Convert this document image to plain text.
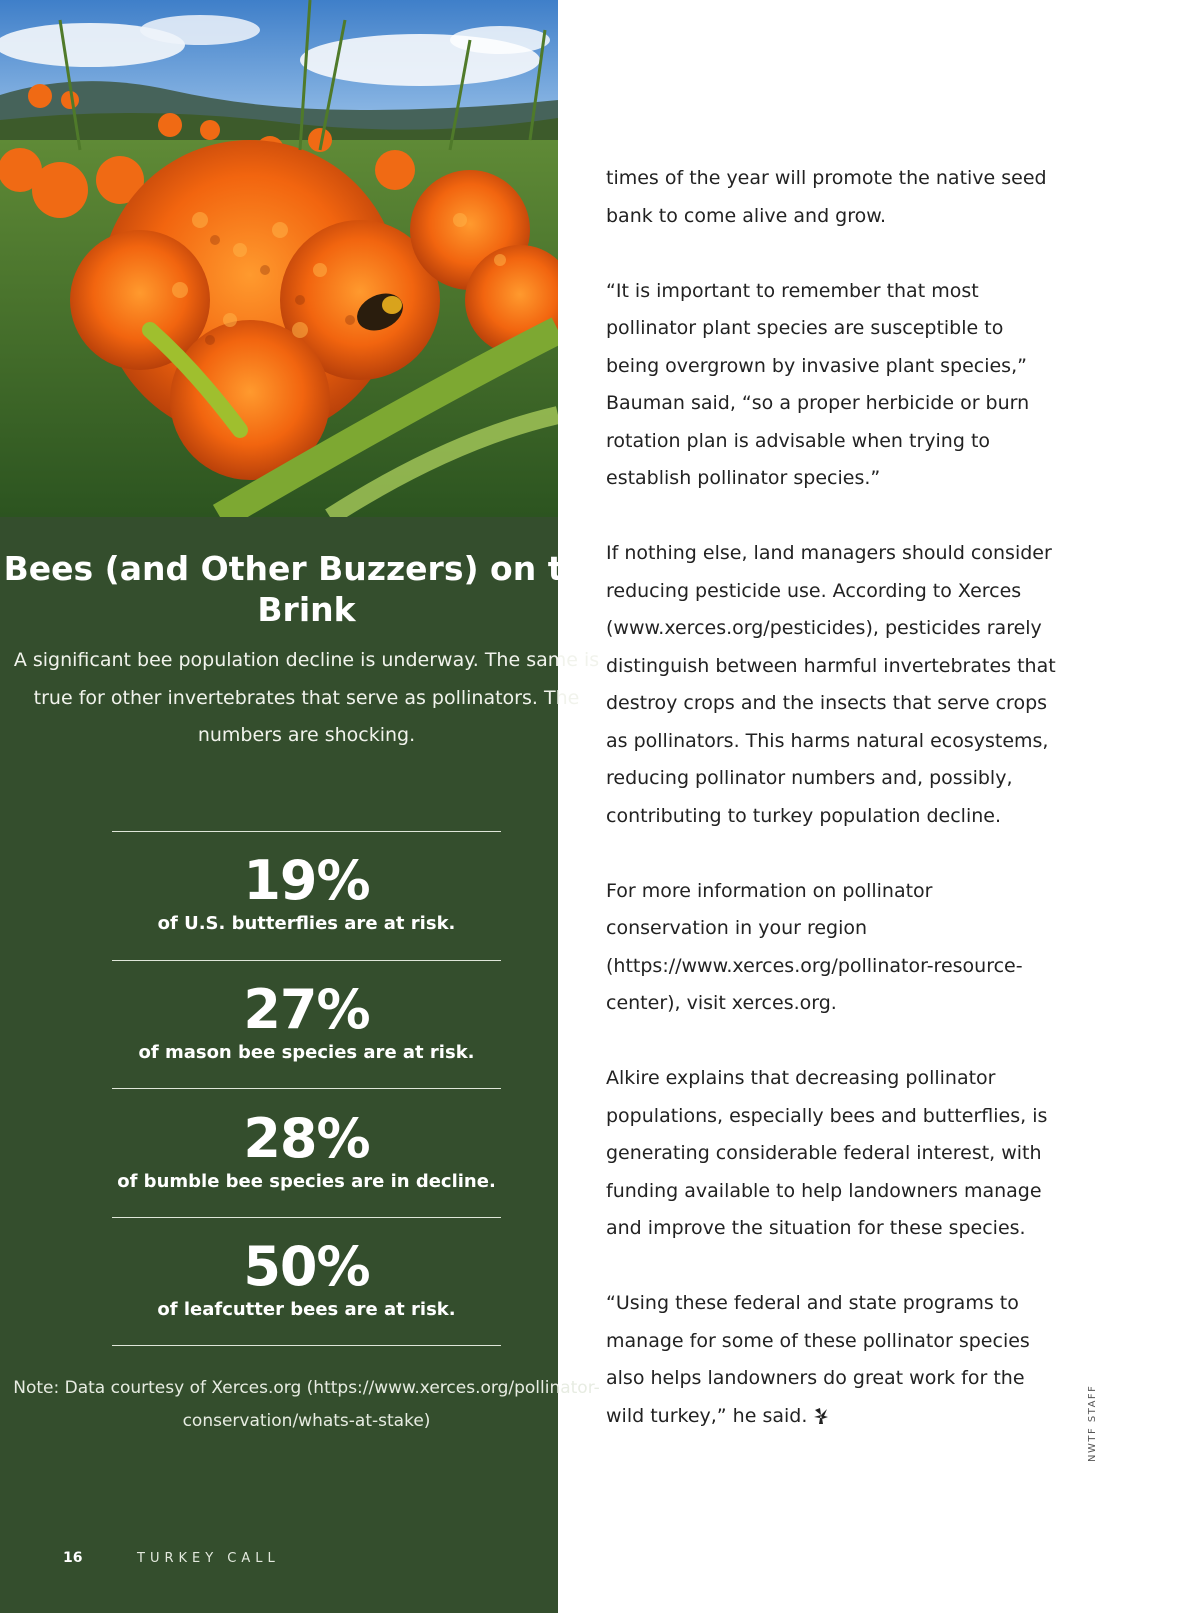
Bees (and Other Buzzers) on the Brink

A significant bee population decline is underway. The same is true for other invertebrates that serve as pollinators. The numbers are shocking.

19%
of U.S. butterflies are at risk.
27%
of mason bee species are at risk.
28%
of bumble bee species are in decline.
50%
of leafcutter bees are at risk.

Note: Data courtesy of Xerces.org (https://www.xerces.org/pollinator-conservation/whats-at-stake)

16	TURKEY CALL

times of the year will promote the native seed bank to come alive and grow.

“It is important to remember that most pollinator plant species are susceptible to being overgrown by invasive plant species,” Bauman said, “so a proper herbicide or burn rotation plan is advisable when trying to establish pollinator species.”

If nothing else, land managers should consider reducing pesticide use. According to Xerces (www.xerces.org/pesticides), pesticides rarely distinguish between harmful invertebrates that destroy crops and the insects that serve crops as pollinators. This harms natural ecosystems, reducing pollinator numbers and, possibly, contributing to turkey population decline.

For more information on pollinator conservation in your region (https://www.xerces.org/pollinator-resource-center), visit xerces.org.

Alkire explains that decreasing pollinator populations, especially bees and butterflies, is generating considerable federal interest, with funding available to help landowners manage and improve the situation for these species.

“Using these federal and state programs to manage for some of these pollinator species also helps landowners do great work for the wild turkey,” he said.	NWTF STAFF
